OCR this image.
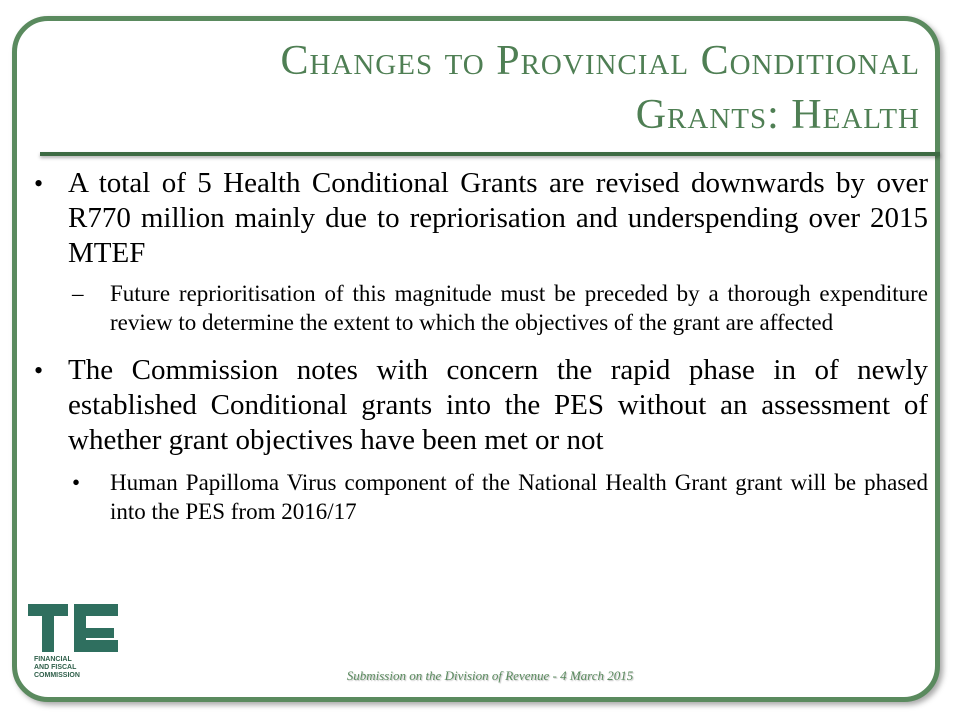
Changes to Provincial Conditional
Grants: Health

• A total of 5 Health Conditional Grants are revised downwards by over R770 million mainly due to repriorisation and underspending over 2015 MTEF

– Future reprioritisation of this magnitude must be preceded by a thorough expenditure review to determine the extent to which the objectives of the grant are affected

• The Commission notes with concern the rapid phase in of newly established Conditional grants into the PES without an assessment of whether grant objectives have been met or not

• Human Papilloma Virus component of the National Health Grant grant will be phased into the PES from 2016/17

FINANCIAL
AND FISCAL
COMMISSION	Submission on the Division of Revenue - 4 March 2015
